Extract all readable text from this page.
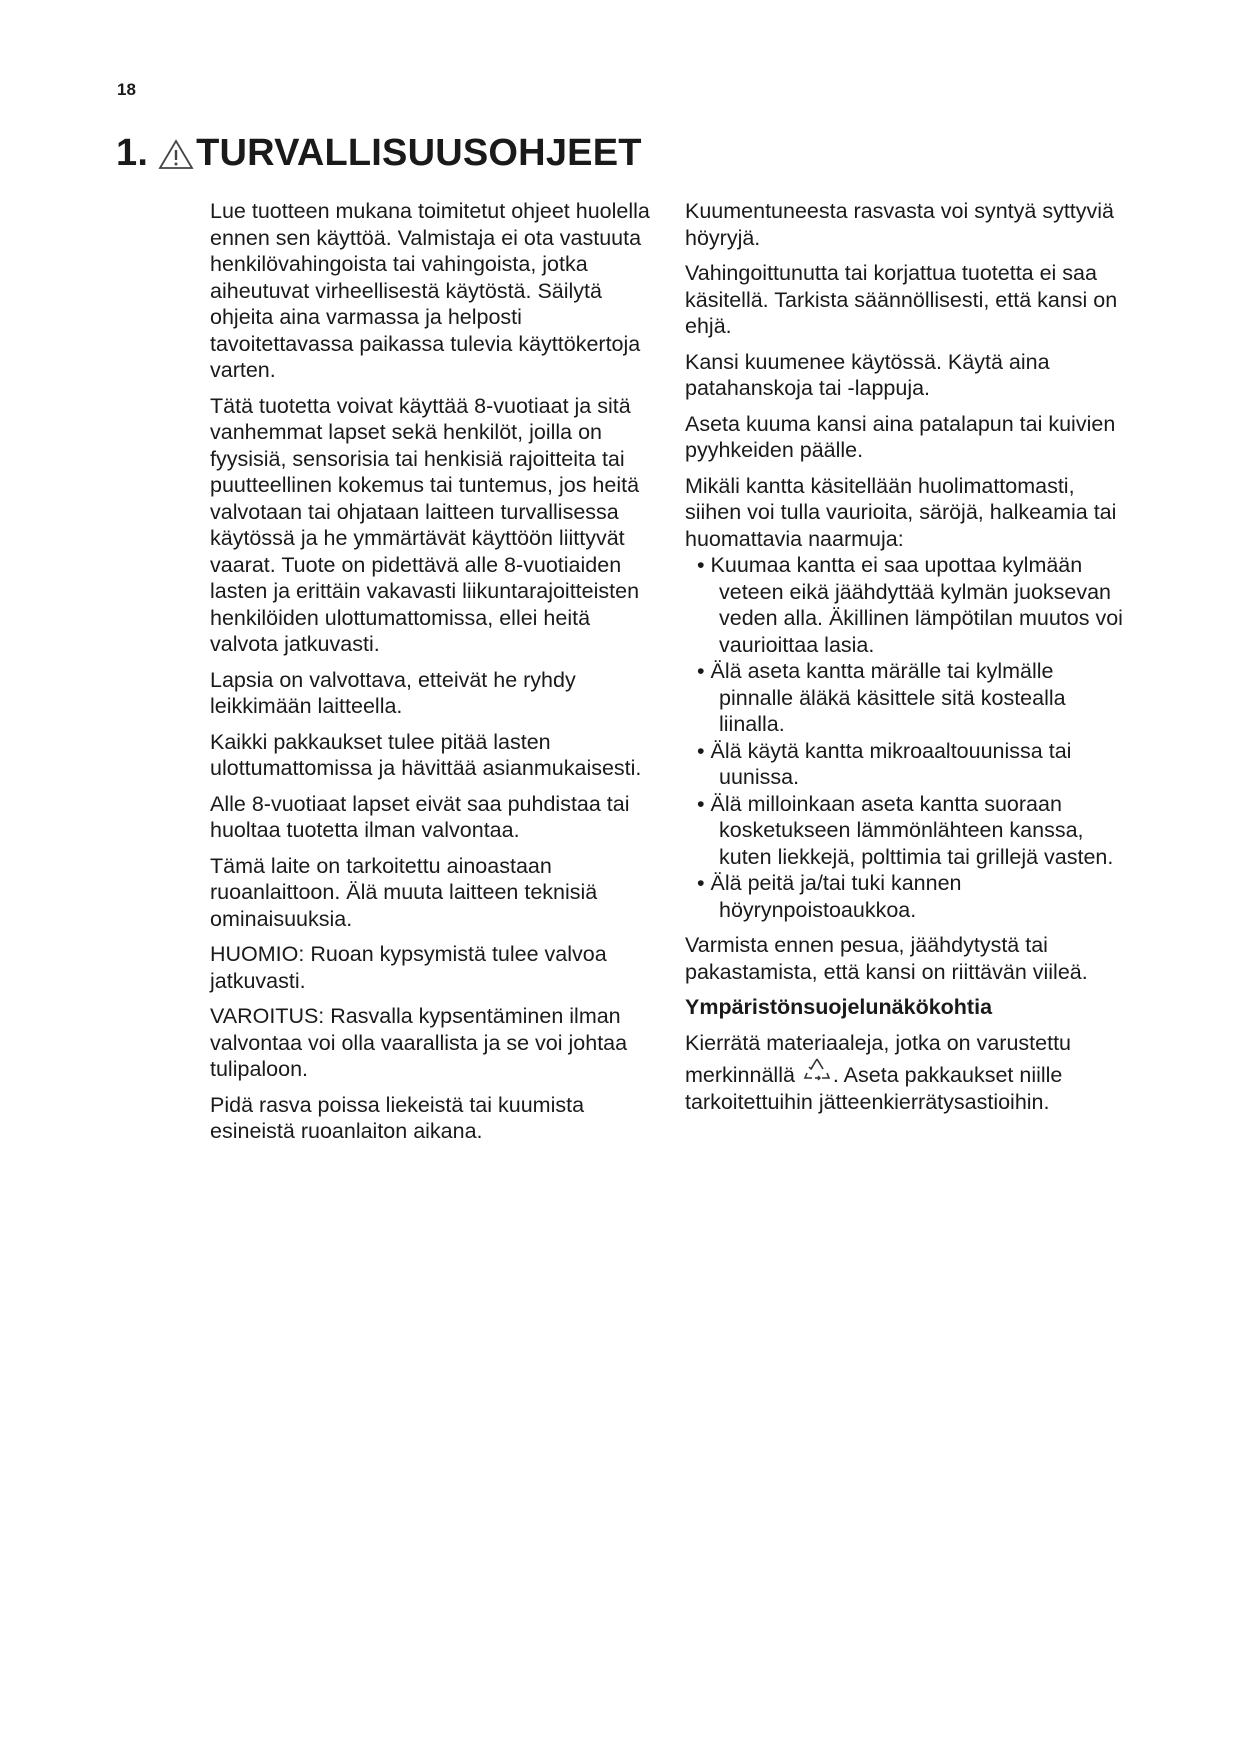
18
1. TURVALLISUUSOHJEET

Lue tuotteen mukana toimitetut ohjeet huolella ennen sen käyttöä. Valmistaja ei ota vastuuta henkilövahingoista tai vahingoista, jotka aiheutuvat virheellisestä käytöstä. Säilytä ohjeita aina varmassa ja helposti tavoitettavassa paikassa tulevia käyttökertoja varten.

Tätä tuotetta voivat käyttää 8-vuotiaat ja sitä vanhemmat lapset sekä henkilöt, joilla on fyysisiä, sensorisia tai henkisiä rajoitteita tai puutteellinen kokemus tai tuntemus, jos heitä valvotaan tai ohjataan laitteen turvallisessa käytössä ja he ymmärtävät käyttöön liittyvät vaarat. Tuote on pidettävä alle 8-vuotiaiden lasten ja erittäin vakavasti liikuntarajoitteisten henkilöiden ulottumattomissa, ellei heitä valvota jatkuvasti.

Lapsia on valvottava, etteivät he ryhdy leikkimään laitteella.

Kaikki pakkaukset tulee pitää lasten ulottumattomissa ja hävittää asianmukaisesti.

Alle 8-vuotiaat lapset eivät saa puhdistaa tai huoltaa tuotetta ilman valvontaa.

Tämä laite on tarkoitettu ainoastaan ruoanlaittoon. Älä muuta laitteen teknisiä ominaisuuksia.

HUOMIO: Ruoan kypsymistä tulee valvoa jatkuvasti.

VAROITUS: Rasvalla kypsentäminen ilman valvontaa voi olla vaarallista ja se voi johtaa tulipaloon.

Pidä rasva poissa liekeistä tai kuumista esineistä ruoanlaiton aikana.

Kuumentuneesta rasvasta voi syntyä syttyviä höyryjä.

Vahingoittunutta tai korjattua tuotetta ei saa käsitellä. Tarkista säännöllisesti, että kansi on ehjä.

Kansi kuumenee käytössä. Käytä aina patahanskoja tai -lappuja.

Aseta kuuma kansi aina patalapun tai kuivien pyyhkeiden päälle.

Mikäli kantta käsitellään huolimattomasti, siihen voi tulla vaurioita, säröjä, halkeamia tai huomattavia naarmuja:

• Kuumaa kantta ei saa upottaa kylmään veteen eikä jäähdyttää kylmän juoksevan veden alla. Äkillinen lämpötilan muutos voi vaurioittaa lasia.
• Älä aseta kantta märälle tai kylmälle pinnalle äläkä käsittele sitä kostealla liinalla.
• Älä käytä kantta mikroaaltouunissa tai uunissa.
• Älä milloinkaan aseta kantta suoraan kosketukseen lämmönlähteen kanssa, kuten liekkejä, polttimia tai grillejä vasten.
• Älä peitä ja/tai tuki kannen höyrynpoistoaukkoa.

Varmista ennen pesua, jäähdytystä tai pakastamista, että kansi on riittävän viileä.

Ympäristönsuojelunäkökohtia

Kierrätä materiaaleja, jotka on varustettu merkinnällä . Aseta pakkaukset niille tarkoitettuihin jätteenkierrätysastioihin.
